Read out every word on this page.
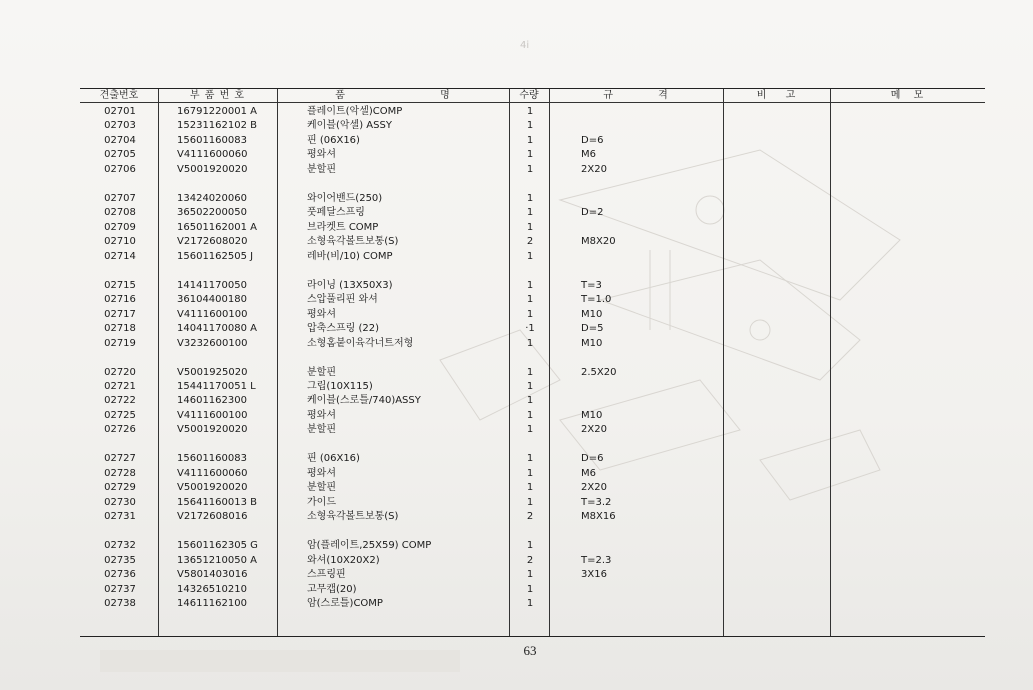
4i
견출번호	부 품 번 호	품 명	수량	규 격	비 고	메 모
02701	16791220001 A	플레이트(악셀)COMP	1
02703	15231162102 B	케이블(악셀) ASSY	1
02704	15601160083	핀 (06X16)	1	D=6
02705	V4111600060	평와셔	1	M6
02706	V5001920020	분할핀	1	2X20
02707	13424020060	와이어밴드(250)	1
02708	36502200050	풋페달스프링	1	D=2
02709	16501162001 A	브라켓트 COMP	1
02710	V2172608020	소형육각볼트보통(S)	2	M8X20
02714	15601162505 J	레바(비/10) COMP	1
02715	14141170050	라이닝 (13X50X3)	1	T=3
02716	36104400180	스압풀리핀 와셔	1	T=1.0
02717	V4111600100	평와셔	1	M10
02718	14041170080 A	압축스프링 (22)	·1	D=5
02719	V3232600100	소형홈붙이육각너트저형	1	M10
02720	V5001925020	분할핀	1	2.5X20
02721	15441170051 L	그립(10X115)	1
02722	14601162300	케이블(스로틀/740)ASSY	1
02725	V4111600100	평와셔	1	M10
02726	V5001920020	분할핀	1	2X20
02727	15601160083	핀 (06X16)	1	D=6
02728	V4111600060	평와셔	1	M6
02729	V5001920020	분할핀	1	2X20
02730	15641160013 B	가이드	1	T=3.2
02731	V2172608016	소형육각볼트보통(S)	2	M8X16
02732	15601162305 G	암(플레이트,25X59) COMP	1
02735	13651210050 A	와셔(10X20X2)	2	T=2.3
02736	V5801403016	스프링핀	1	3X16
02737	14326510210	고무캡(20)	1
02738	14611162100	암(스로틀)COMP	1
63
